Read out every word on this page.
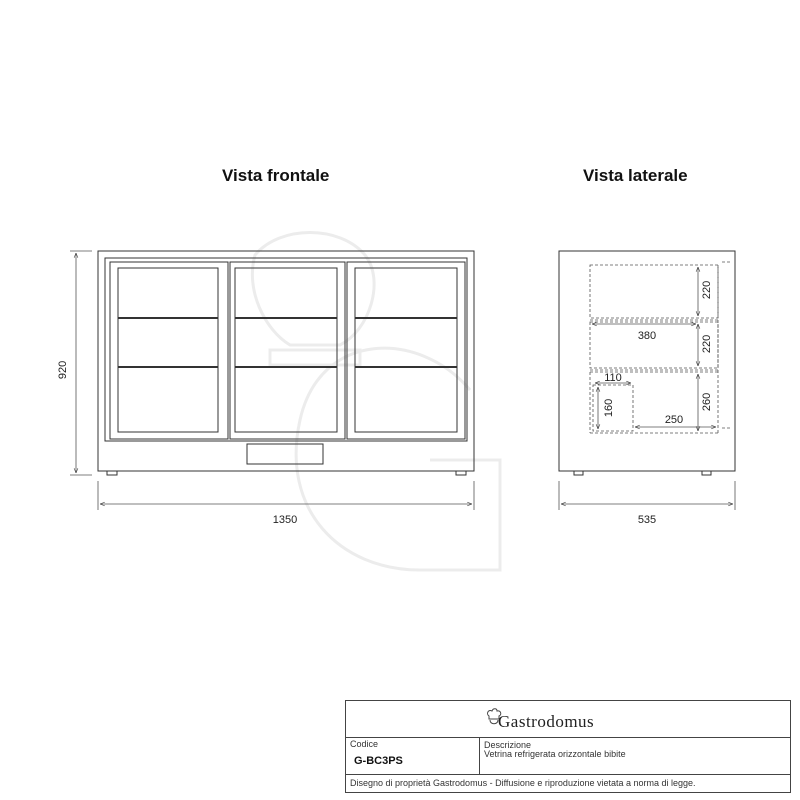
Vista frontale	Vista laterale
920
1350	535
220
220
260
380
110
160
250
Gastrodomus
Codice
G-BC3PS
Descrizione
Vetrina refrigerata orizzontale bibite
Disegno di proprietà Gastrodomus - Diffusione e riproduzione vietata a norma di legge.
